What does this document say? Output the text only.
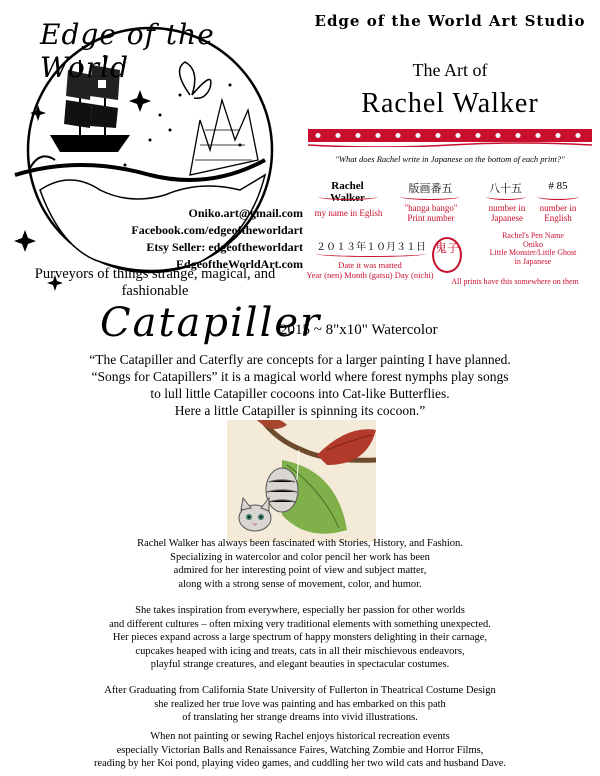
Edge of the World
Oniko.art@gmail.com
Facebook.com/edgeoftheworldart
Etsy Seller: edgeoftheworldart
EdgeoftheWorldArt.com
Purveyors of things strange, magical, and fashionable
Edge of the World Art Studio
The Art of
Rachel Walker
"What does Rachel write in Japanese on the bottom of each print?"
Rachel Walker
my name in Eglish
版画番五
"hanga bango" Print number
八十五
number in Japanese
# 85
number in English
２０１３年１０月３１日
Date it was matted
Year (nen) Month (gatsu) Day (nichi)
鬼子
Rachel's Pen Name
Oniko
Little Monster/Little Ghost
in Japanese
All prints have this somewhere on them
Catapiller
2015 ~ 8"x10" Watercolor
“The Catapiller and Caterfly are concepts for a larger painting I have planned.
“Songs for Catapillers” it is a magical world where forest nymphs play songs
to lull little Catapiller cocoons into Cat-like Butterflies.
Here a little Catapiller is spinning its cocoon.”
Rachel Walker has always been fascinated with Stories, History, and Fashion.
Specializing in watercolor and color pencil her work has been
admired for her interesting point of view and subject matter,
along with a strong sense of movement, color, and humor.
She takes inspiration from everywhere, especially her passion for other worlds
and different cultures – often mixing very traditional elements with something unexpected.
Her pieces expand across a large spectrum of happy monsters delighting in their carnage,
cupcakes heaped with icing and treats, cats in all their mischievous endeavors,
playful strange creatures, and elegant beauties in spectacular costumes.
After Graduating from California State University of Fullerton in Theatrical Costume Design
she realized her true love was painting and has embarked on this path
of translating her strange dreams into vivid illustrations.
When not painting or sewing Rachel enjoys historical recreation events
especially Victorian Balls and Renaissance Faires, Watching Zombie and Horror Films,
reading by her Koi pond, playing video games, and cuddling her two wild cats and husband Dave.
